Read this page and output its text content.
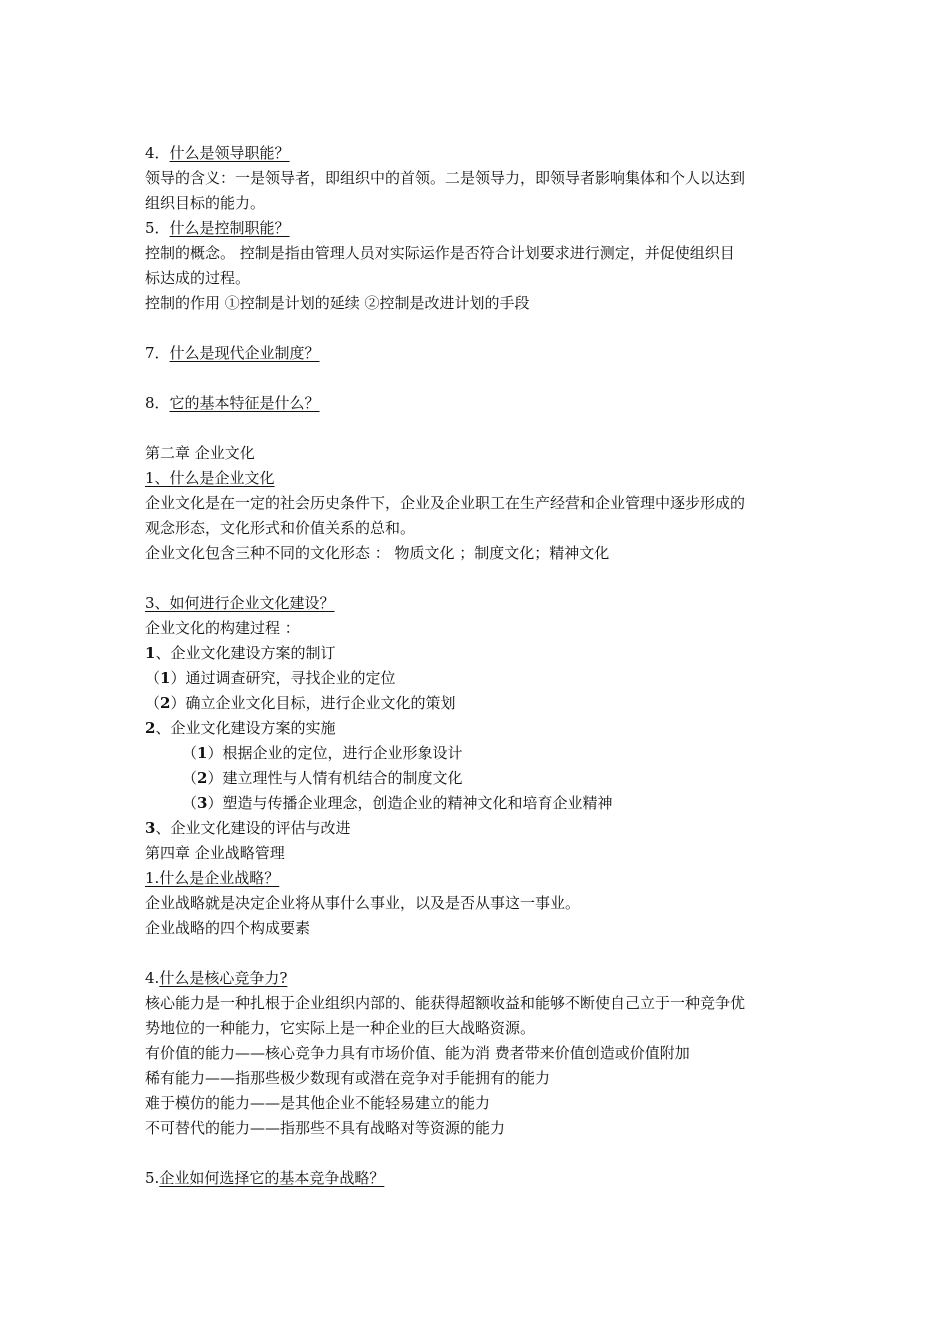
4．什么是领导职能？
领导的含义：一是领导者，即组织中的首领。二是领导力，即领导者影响集体和个人以达到
组织目标的能力。
5．什么是控制职能？
控制的概念。 控制是指由管理人员对实际运作是否符合计划要求进行测定，并促使组织目
标达成的过程。
控制的作用 ①控制是计划的延续 ②控制是改进计划的手段
7．什么是现代企业制度？
8．它的基本特征是什么？
第二章 企业文化
1、什么是企业文化
企业文化是在一定的社会历史条件下，企业及企业职工在生产经营和企业管理中逐步形成的
观念形态，文化形式和价值关系的总和。
企业文化包含三种不同的文化形态 ： 物质文化 ；制度文化；精神文化
3、如何进行企业文化建设？
企业文化的构建过程 ：
1、企业文化建设方案的制订
（1）通过调查研究，寻找企业的定位
（2）确立企业文化目标，进行企业文化的策划
2、企业文化建设方案的实施
（1）根据企业的定位，进行企业形象设计
（2）建立理性与人情有机结合的制度文化
（3）塑造与传播企业理念，创造企业的精神文化和培育企业精神
3、企业文化建设的评估与改进
第四章 企业战略管理
1.什么是企业战略？
企业战略就是决定企业将从事什么事业，以及是否从事这一事业。
企业战略的四个构成要素
4.什么是核心竞争力?
核心能力是一种扎根于企业组织内部的、能获得超额收益和能够不断使自己立于一种竞争优
势地位的一种能力，它实际上是一种企业的巨大战略资源。
有价值的能力——核心竞争力具有市场价值、能为消 费者带来价值创造或价值附加
稀有能力——指那些极少数现有或潜在竞争对手能拥有的能力
难于模仿的能力——是其他企业不能轻易建立的能力
不可替代的能力——指那些不具有战略对等资源的能力
5.企业如何选择它的基本竞争战略？
